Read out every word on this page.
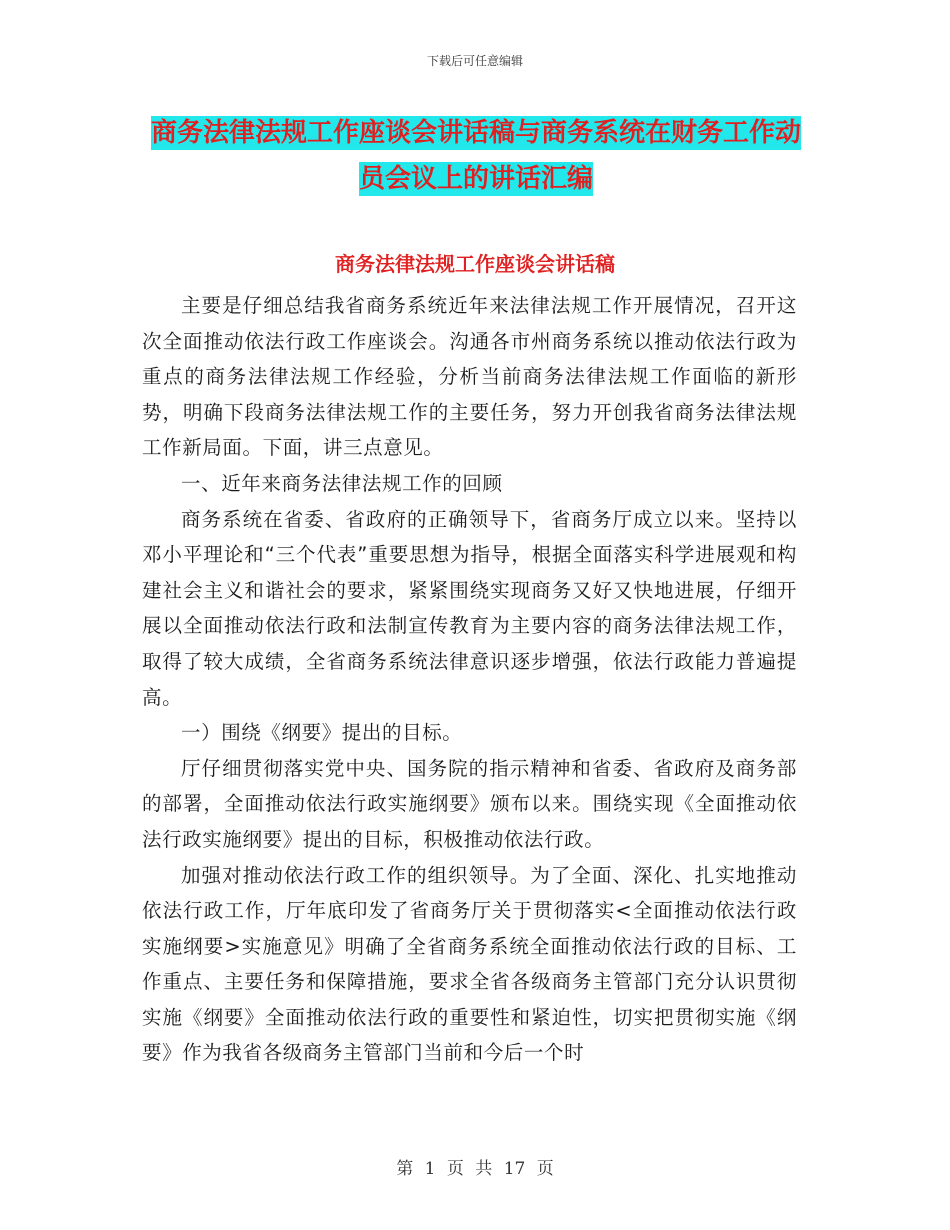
下载后可任意编辑
商务法律法规工作座谈会讲话稿与商务系统在财务工作动员会议上的讲话汇编
商务法律法规工作座谈会讲话稿

主要是仔细总结我省商务系统近年来法律法规工作开展情况，召开这次全面推动依法行政工作座谈会。沟通各市州商务系统以推动依法行政为重点的商务法律法规工作经验，分析当前商务法律法规工作面临的新形势，明确下段商务法律法规工作的主要任务，努力开创我省商务法律法规工作新局面。下面，讲三点意见。

一、近年来商务法律法规工作的回顾

商务系统在省委、省政府的正确领导下，省商务厅成立以来。坚持以邓小平理论和“三个代表”重要思想为指导，根据全面落实科学进展观和构建社会主义和谐社会的要求，紧紧围绕实现商务又好又快地进展，仔细开展以全面推动依法行政和法制宣传教育为主要内容的商务法律法规工作，取得了较大成绩，全省商务系统法律意识逐步增强，依法行政能力普遍提高。

一）围绕《纲要》提出的目标。

厅仔细贯彻落实党中央、国务院的指示精神和省委、省政府及商务部的部署，全面推动依法行政实施纲要》颁布以来。围绕实现《全面推动依法行政实施纲要》提出的目标，积极推动依法行政。

加强对推动依法行政工作的组织领导。为了全面、深化、扎实地推动依法行政工作，厅年底印发了省商务厅关于贯彻落实<全面推动依法行政实施纲要>实施意见》明确了全省商务系统全面推动依法行政的目标、工作重点、主要任务和保障措施，要求全省各级商务主管部门充分认识贯彻实施《纲要》全面推动依法行政的重要性和紧迫性，切实把贯彻实施《纲要》作为我省各级商务主管部门当前和今后一个时

第 1 页 共 17 页
